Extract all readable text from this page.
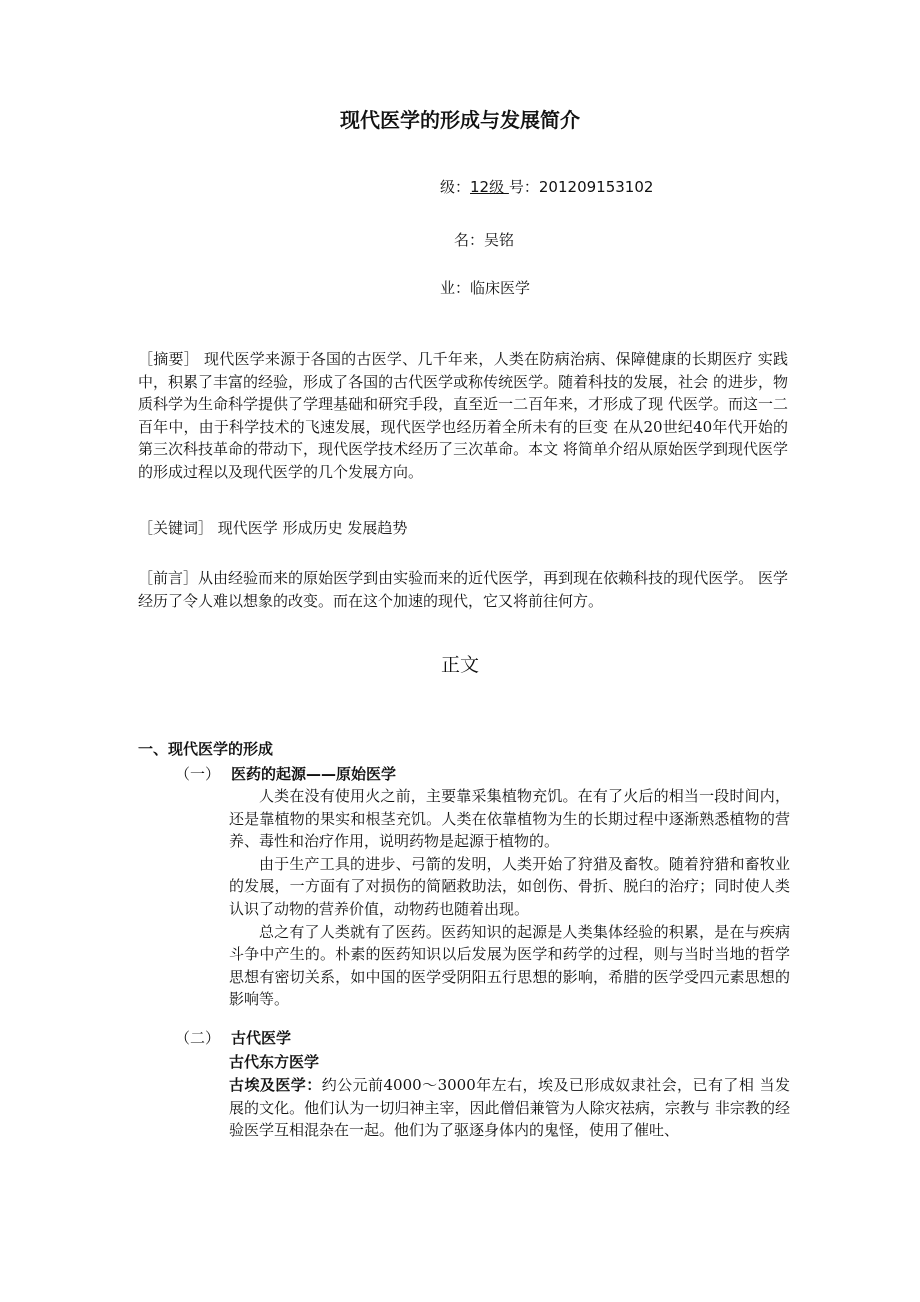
现代医学的形成与发展简介
级：12级 号：201209153102
名：吴铭
业：临床医学
［摘要］ 现代医学来源于各国的古医学、几千年来，人类在防病治病、保障健康的长期医疗 实践中，积累了丰富的经验，形成了各国的古代医学或称传统医学。随着科技的发展，社会 的进步，物质科学为生命科学提供了学理基础和研究手段，直至近一二百年来，才形成了现 代医学。而这一二百年中，由于科学技术的飞速发展，现代医学也经历着全所未有的巨变 在从20世纪40年代开始的第三次科技革命的带动下，现代医学技术经历了三次革命。本文 将简单介绍从原始医学到现代医学的形成过程以及现代医学的几个发展方向。
［关键词］ 现代医学 形成历史 发展趋势
［前言］从由经验而来的原始医学到由实验而来的近代医学，再到现在依赖科技的现代医学。 医学经历了令人难以想象的改变。而在这个加速的现代，它又将前往何方。
正文
一、现代医学的形成
（一） 医药的起源——原始医学

人类在没有使用火之前，主要靠采集植物充饥。在有了火后的相当一段时间内，还是靠植物的果实和根茎充饥。人类在依靠植物为生的长期过程中逐渐熟悉植物的营养、毒性和治疗作用，说明药物是起源于植物的。

由于生产工具的进步、弓箭的发明，人类开始了狩猎及畜牧。随着狩猎和畜牧业的发展，一方面有了对损伤的简陋救助法，如创伤、骨折、脱臼的治疗；同时使人类认识了动物的营养价值，动物药也随着出现。

总之有了人类就有了医药。医药知识的起源是人类集体经验的积累，是在与疾病斗争中产生的。朴素的医药知识以后发展为医学和药学的过程，则与当时当地的哲学思想有密切关系，如中国的医学受阴阳五行思想的影响，希腊的医学受四元素思想的影响等。

（二） 古代医学
古代东方医学
古埃及医学：约公元前4000〜3000年左右，埃及已形成奴隶社会，已有了相 当发展的文化。他们认为一切归神主宰，因此僧侣兼管为人除灾祛病，宗教与 非宗教的经验医学互相混杂在一起。他们为了驱逐身体内的鬼怪，使用了催吐、
